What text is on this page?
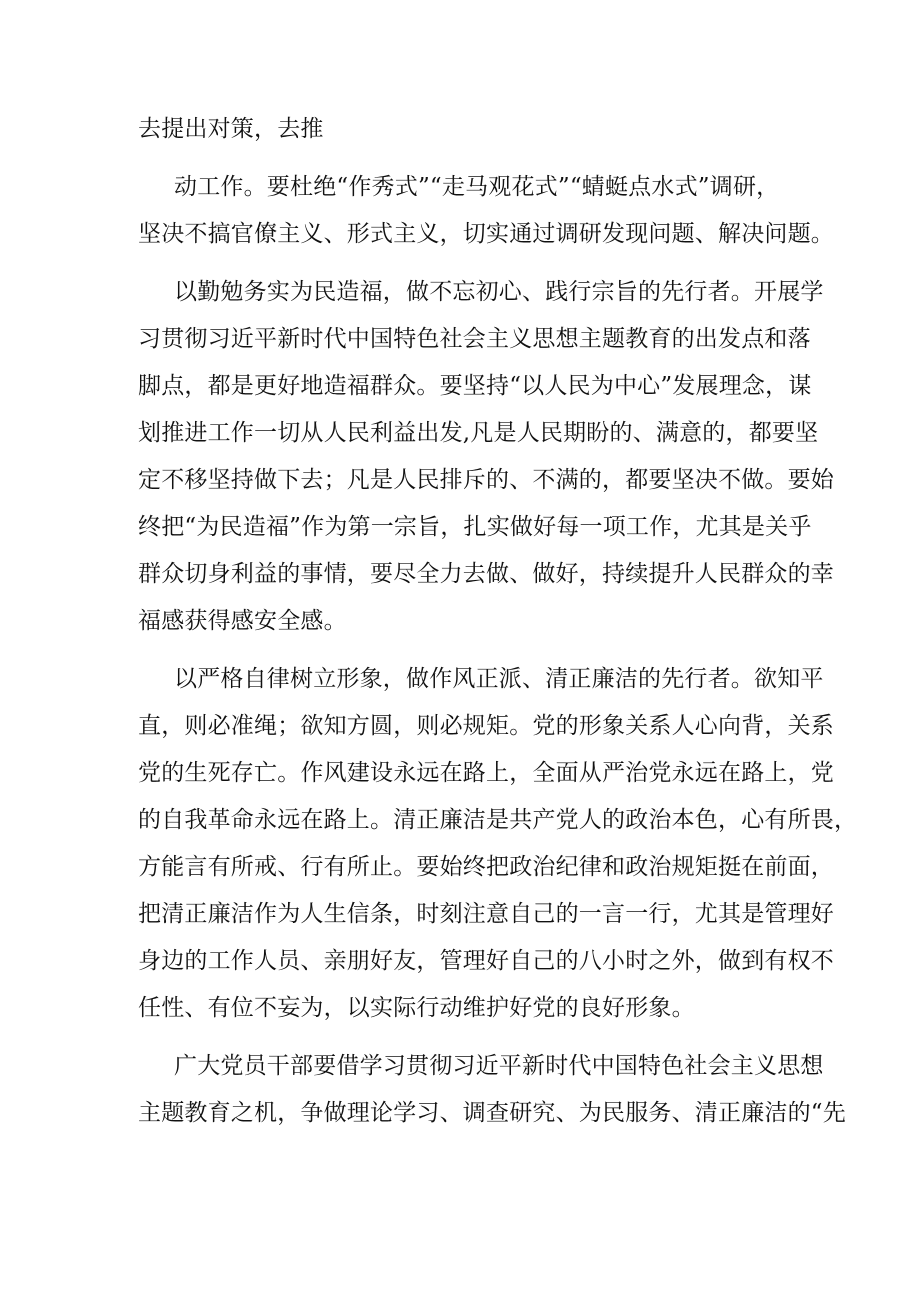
去提出对策，去推
动工作。要杜绝“作秀式”“走马观花式”“蜻蜓点水式”调研，
坚决不搞官僚主义、形式主义，切实通过调研发现问题、解决问题。
以勤勉务实为民造福，做不忘初心、践行宗旨的先行者。开展学
习贯彻习近平新时代中国特色社会主义思想主题教育的出发点和落
脚点，都是更好地造福群众。要坚持“以人民为中心”发展理念，谋
划推进工作一切从人民利益出发,凡是人民期盼的、满意的，都要坚
定不移坚持做下去；凡是人民排斥的、不满的，都要坚决不做。要始
终把“为民造福”作为第一宗旨，扎实做好每一项工作，尤其是关乎
群众切身利益的事情，要尽全力去做、做好，持续提升人民群众的幸
福感获得感安全感。
以严格自律树立形象，做作风正派、清正廉洁的先行者。欲知平
直，则必准绳；欲知方圆，则必规矩。党的形象关系人心向背，关系
党的生死存亡。作风建设永远在路上，全面从严治党永远在路上，党
的自我革命永远在路上。清正廉洁是共产党人的政治本色，心有所畏，
方能言有所戒、行有所止。要始终把政治纪律和政治规矩挺在前面，
把清正廉洁作为人生信条，时刻注意自己的一言一行，尤其是管理好
身边的工作人员、亲朋好友，管理好自己的八小时之外，做到有权不
任性、有位不妄为，以实际行动维护好党的良好形象。
广大党员干部要借学习贯彻习近平新时代中国特色社会主义思想
主题教育之机，争做理论学习、调查研究、为民服务、清正廉洁的“先
